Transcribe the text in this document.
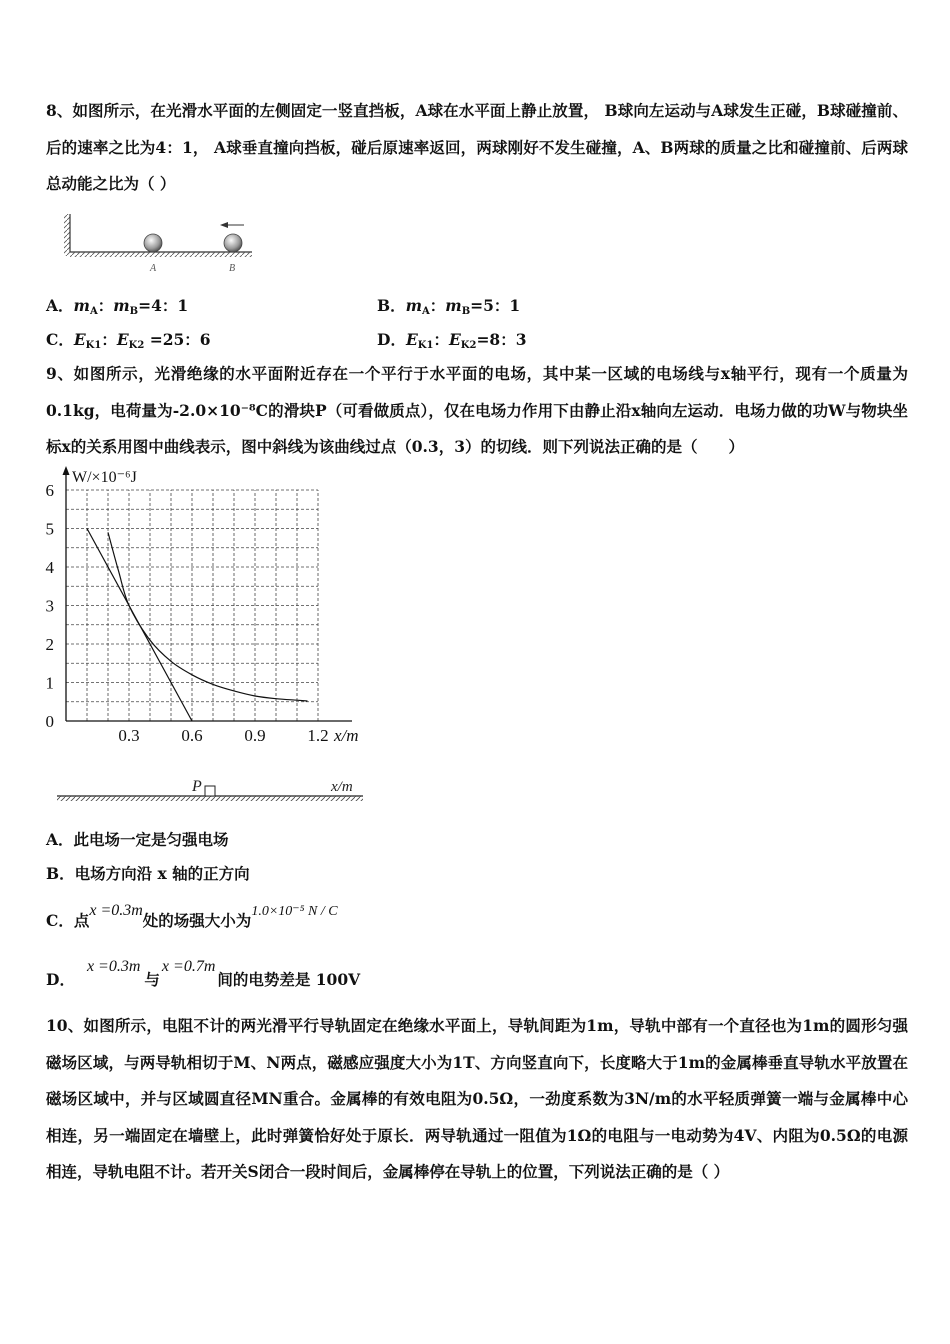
8、如图所示，在光滑水平面的左侧固定一竖直挡板，A球在水平面上静止放置， B球向左运动与A球发生正碰，B球碰撞前、后的速率之比为4：1， A球垂直撞向挡板，碰后原速率返回，两球刚好不发生碰撞，A、B两球的质量之比和碰撞前、后两球总动能之比为（ ）
A	B
A．$m_A$：$m_B=4$：1	B．$m_A$：$m_B=5$：1
C．$E_{K1}$：$E_{K2} =25$：6	D．$E_{K1}$：$E_{K2}=8$：3
9、如图所示，光滑绝缘的水平面附近存在一个平行于水平面的电场，其中某一区域的电场线与x轴平行，现有一个质量为0.1kg，电荷量为-2.0×10⁻⁸C的滑块P（可看做质点），仅在电场力作用下由静止沿x轴向左运动．电场力做的功W与物块坐标x的关系用图中曲线表示，图中斜线为该曲线过点（0.3，3）的切线．则下列说法正确的是（　　）
0.3 0.6 0.9 1.2
0
1
2
3
4
5
6
x/m
W/×10⁻⁶J
P	x/m
A．此电场一定是匀强电场
B．电场方向沿 x 轴的正方向
C．点x =0.3m处的场强大小为1.0×10⁻⁵ N / C
D．x =0.3m与x =0.7m间的电势差是 100V
10、如图所示，电阻不计的两光滑平行导轨固定在绝缘水平面上，导轨间距为1m，导轨中部有一个直径也为1m的圆形匀强磁场区域，与两导轨相切于M、N两点，磁感应强度大小为1T、方向竖直向下，长度略大于1m的金属棒垂直导轨水平放置在磁场区域中，并与区域圆直径MN重合。金属棒的有效电阻为0.5Ω，一劲度系数为3N/m的水平轻质弹簧一端与金属棒中心相连，另一端固定在墙壁上，此时弹簧恰好处于原长．两导轨通过一阻值为1Ω的电阻与一电动势为4V、内阻为0.5Ω的电源相连，导轨电阻不计。若开关S闭合一段时间后，金属棒停在导轨上的位置，下列说法正确的是（ ）
